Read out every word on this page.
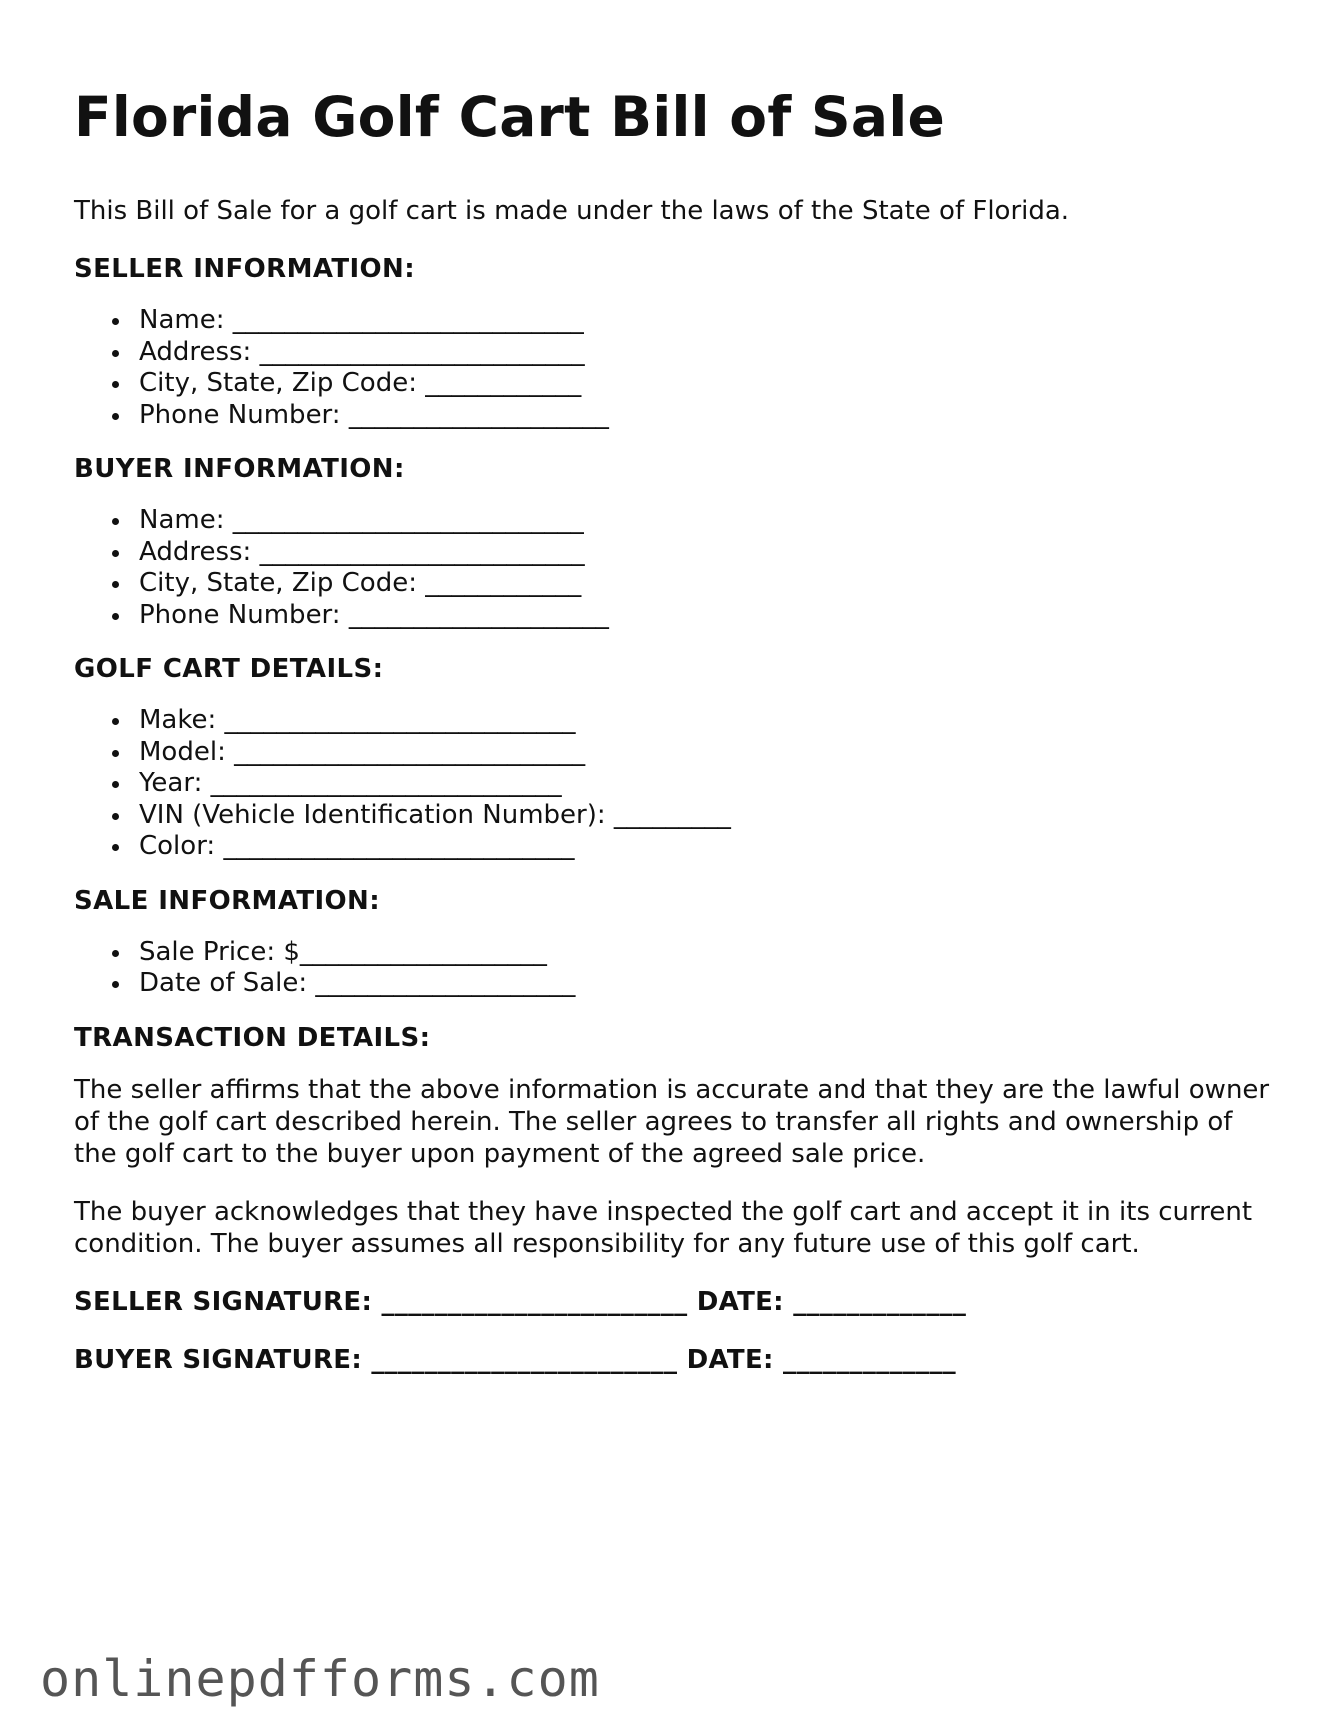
Florida Golf Cart Bill of Sale

This Bill of Sale for a golf cart is made under the laws of the State of Florida.

SELLER INFORMATION:
Name: ___________________________
Address: _________________________
City, State, Zip Code: ____________
Phone Number: ____________________
BUYER INFORMATION:
Name: ___________________________
Address: _________________________
City, State, Zip Code: ____________
Phone Number: ____________________
GOLF CART DETAILS:
Make: ___________________________
Model: ___________________________
Year: ___________________________
VIN (Vehicle Identification Number): _________
Color: ___________________________
SALE INFORMATION:
Sale Price: $___________________
Date of Sale: ____________________
TRANSACTION DETAILS:

The seller affirms that the above information is accurate and that they are the lawful owner of the golf cart described herein. The seller agrees to transfer all rights and ownership of the golf cart to the buyer upon payment of the agreed sale price.

The buyer acknowledges that they have inspected the golf cart and accept it in its current condition. The buyer assumes all responsibility for any future use of this golf cart.

SELLER SIGNATURE: _______________________ DATE: _____________
BUYER SIGNATURE: _______________________ DATE: _____________
onlinepdfforms.com
